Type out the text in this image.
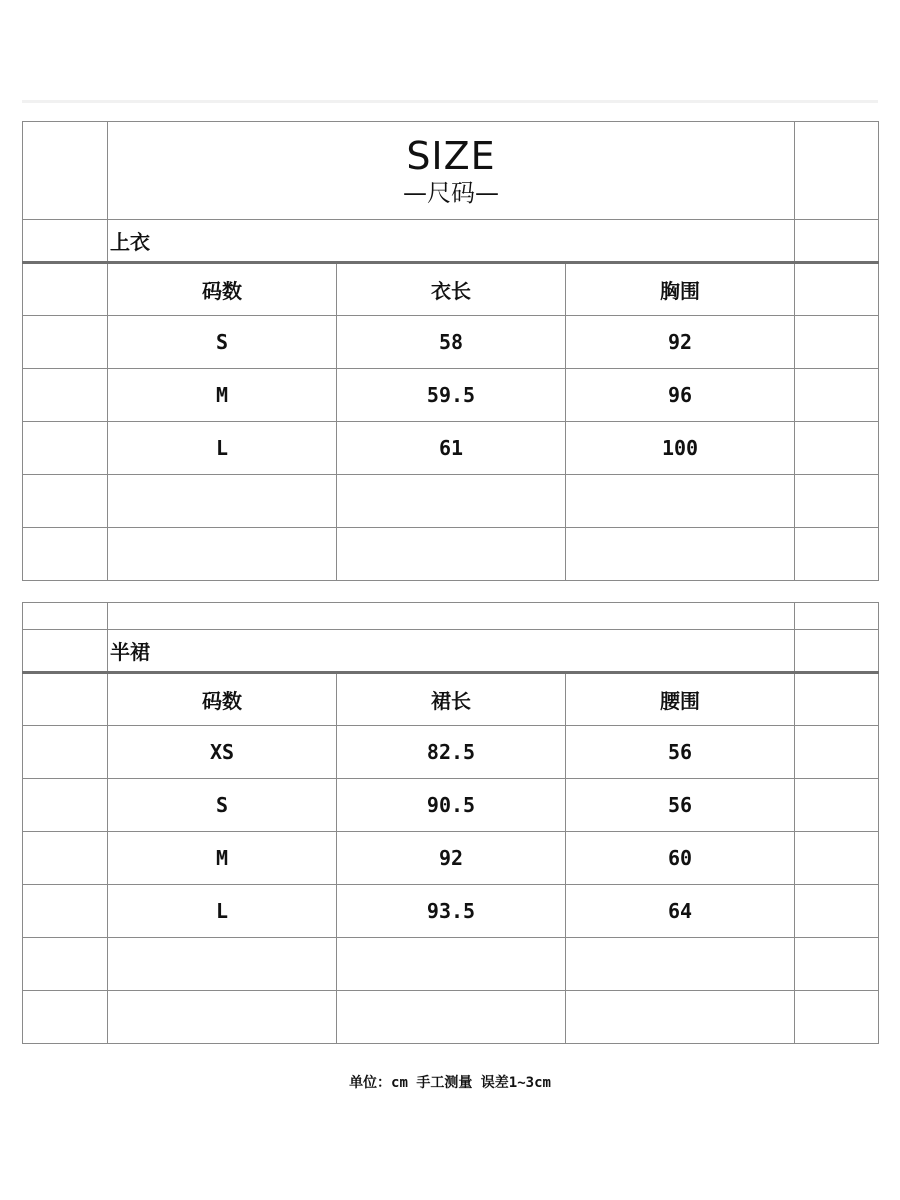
	SIZE
—尺码—			

	上衣			
	码数	衣长	胸围	
	S	58	92	
	M	59.5	96	
	L	61	100	

	半裙			
	码数	裙长	腰围	
	XS	82.5	56	
	S	90.5	56	
	M	92	60	
	L	93.5	64	

单位：cm 手工测量 误差1~3cm
